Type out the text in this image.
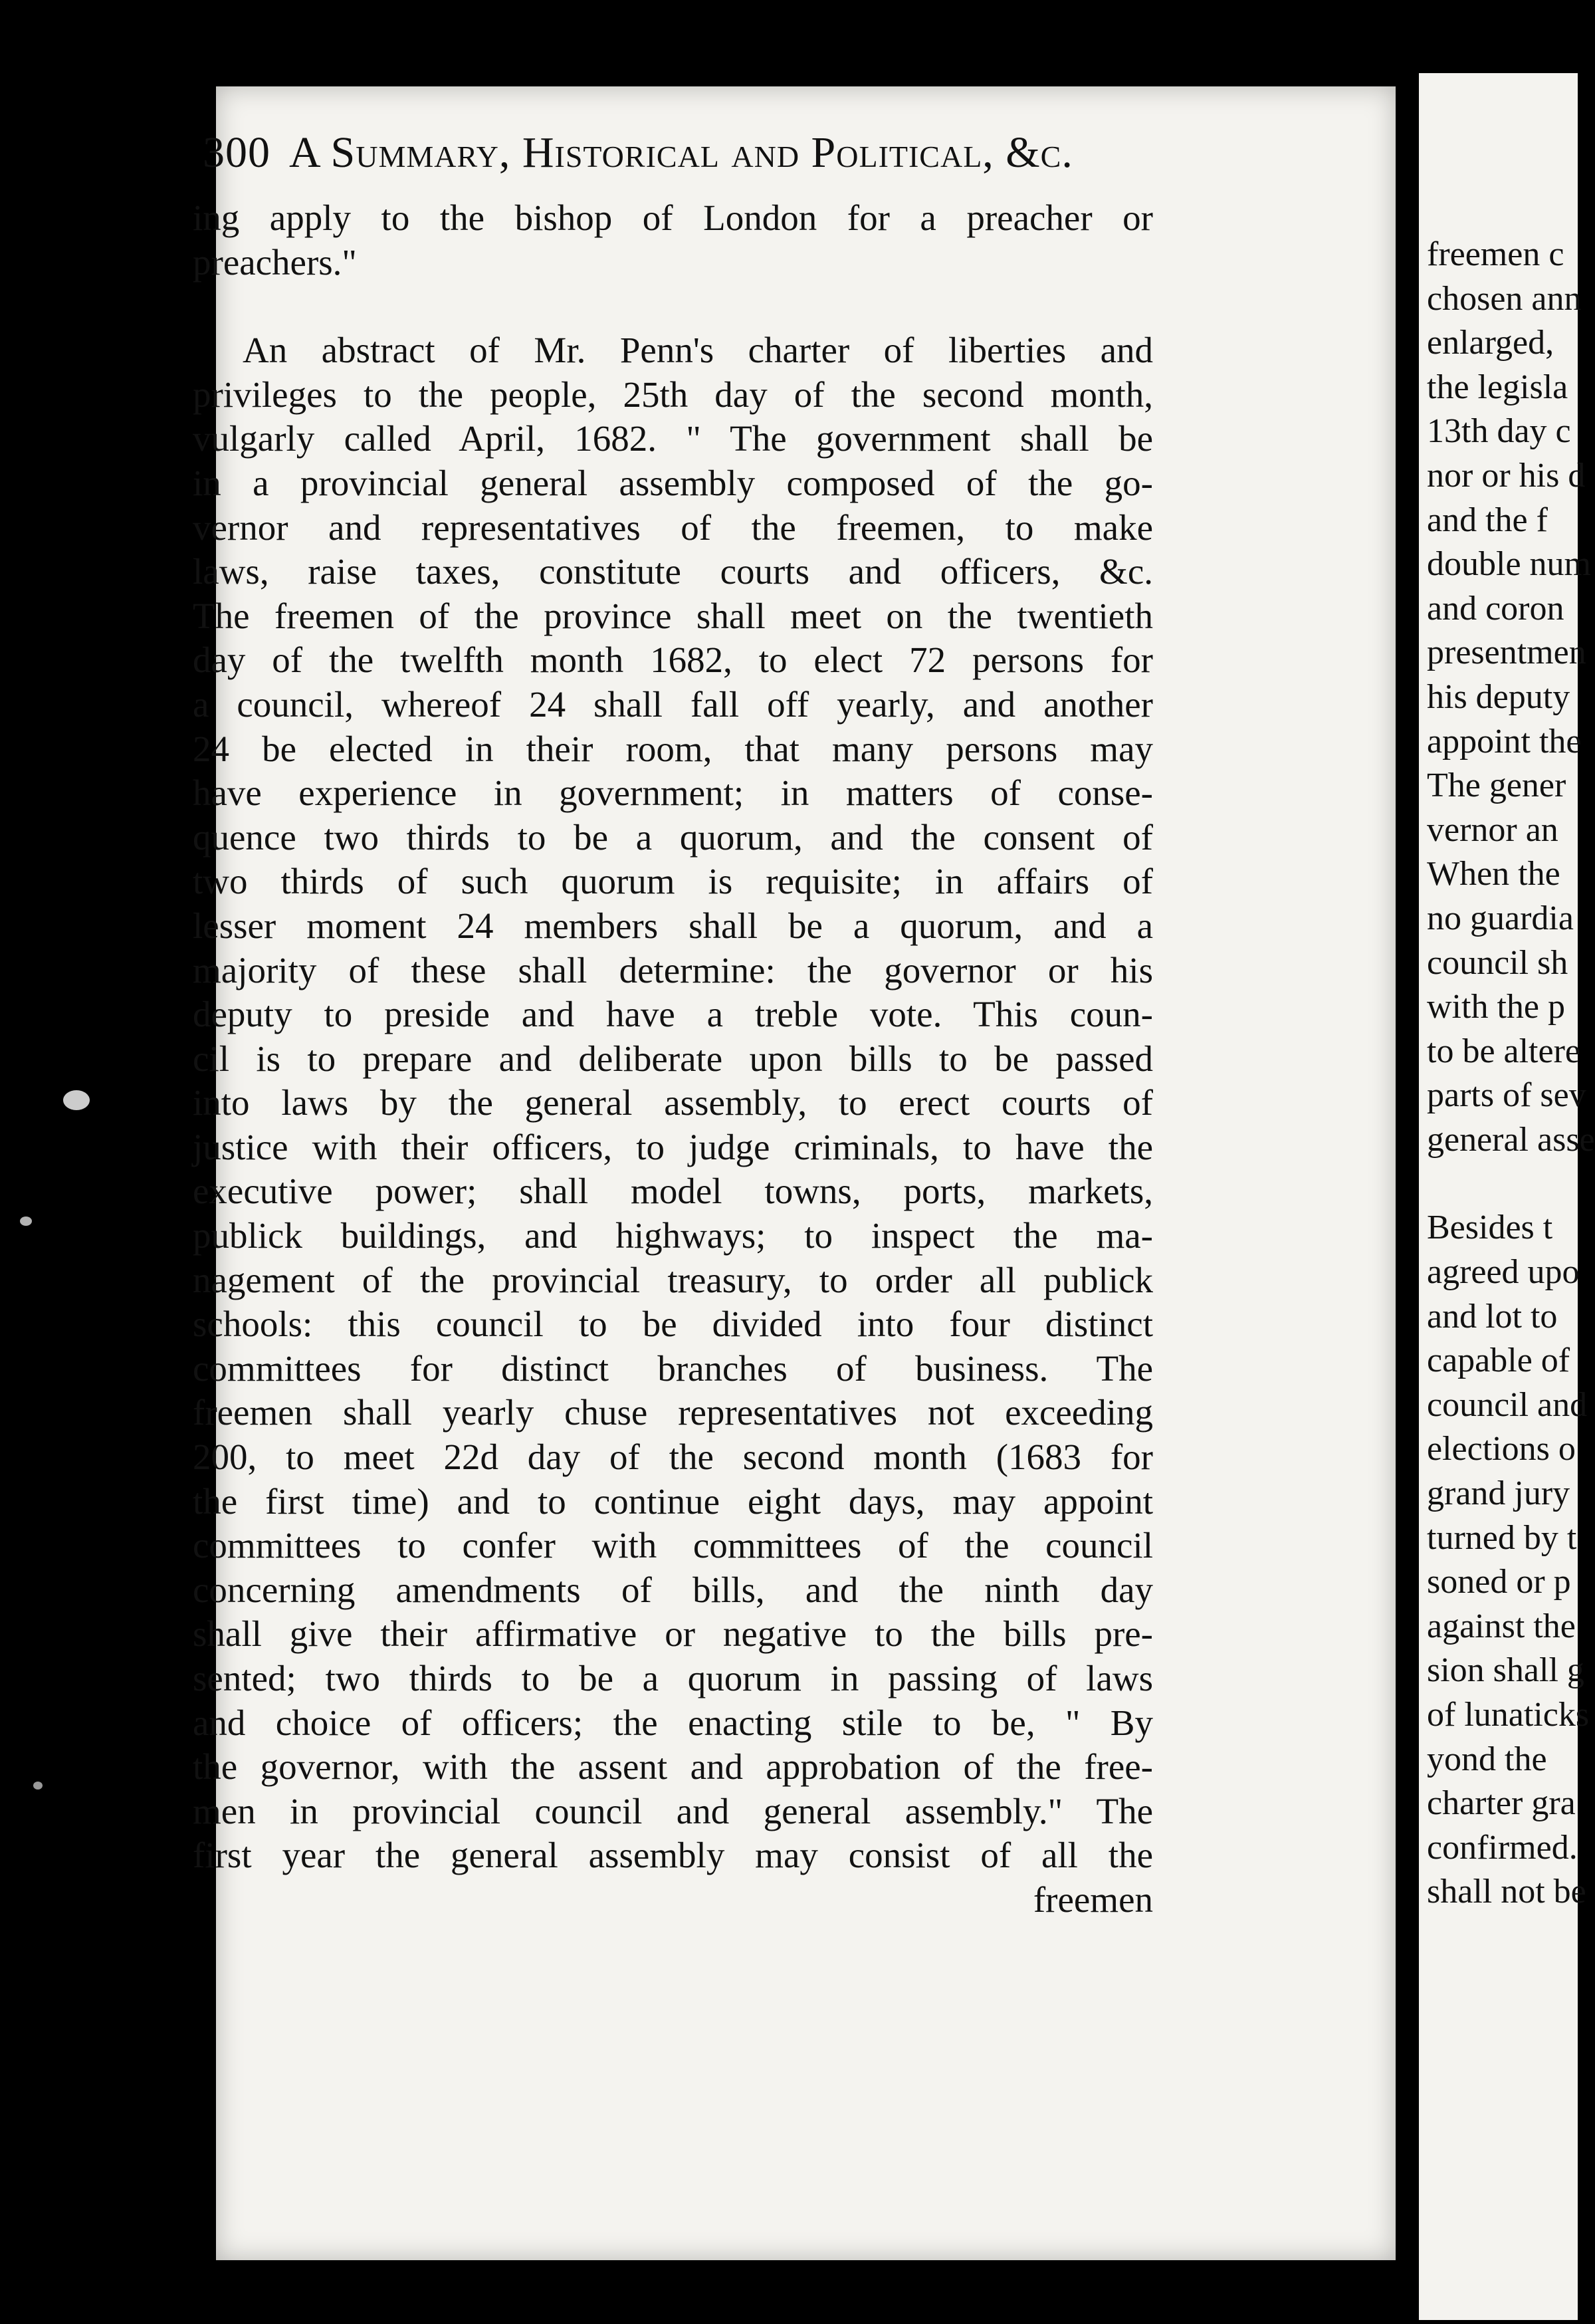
freemen c
chosen ann
enlarged,
the legisla
13th day c
nor or his d
and the f
double num
and coron
presentmen
his deputy
appoint the
The gener
vernor an
When the
no guardia
council sh
with the p
to be altere
parts of sev
general asse
Besides t
agreed upo
and lot to
capable of
council and
elections o
grand jury
turned by t
soned or p
against the
sion shall g
of lunaticks
yond the
charter gra
confirmed.
shall not be
300 A Summary, Historical and Political, &c.
ing apply to the bishop of London for a preacher or
preachers."
An abstract of Mr. Penn's charter of liberties and
privileges to the people, 25th day of the second month,
vulgarly called April, 1682. " The government shall be
in a provincial general assembly composed of the go-
vernor and representatives of the freemen, to make
laws, raise taxes, constitute courts and officers, &c.
The freemen of the province shall meet on the twentieth
day of the twelfth month 1682, to elect 72 persons for
a council, whereof 24 shall fall off yearly, and another
24 be elected in their room, that many persons may
have experience in government; in matters of conse-
quence two thirds to be a quorum, and the consent of
two thirds of such quorum is requisite; in affairs of
lesser moment 24 members shall be a quorum, and a
majority of these shall determine: the governor or his
deputy to preside and have a treble vote. This coun-
cil is to prepare and deliberate upon bills to be passed
into laws by the general assembly, to erect courts of
justice with their officers, to judge criminals, to have the
executive power; shall model towns, ports, markets,
publick buildings, and highways; to inspect the ma-
nagement of the provincial treasury, to order all publick
schools: this council to be divided into four distinct
committees for distinct branches of business. The
freemen shall yearly chuse representatives not exceeding
200, to meet 22d day of the second month (1683 for
the first time) and to continue eight days, may appoint
committees to confer with committees of the council
concerning amendments of bills, and the ninth day
shall give their affirmative or negative to the bills pre-
sented; two thirds to be a quorum in passing of laws
and choice of officers; the enacting stile to be, " By
the governor, with the assent and approbation of the free-
men in provincial council and general assembly." The
first year the general assembly may consist of all the
freemen
